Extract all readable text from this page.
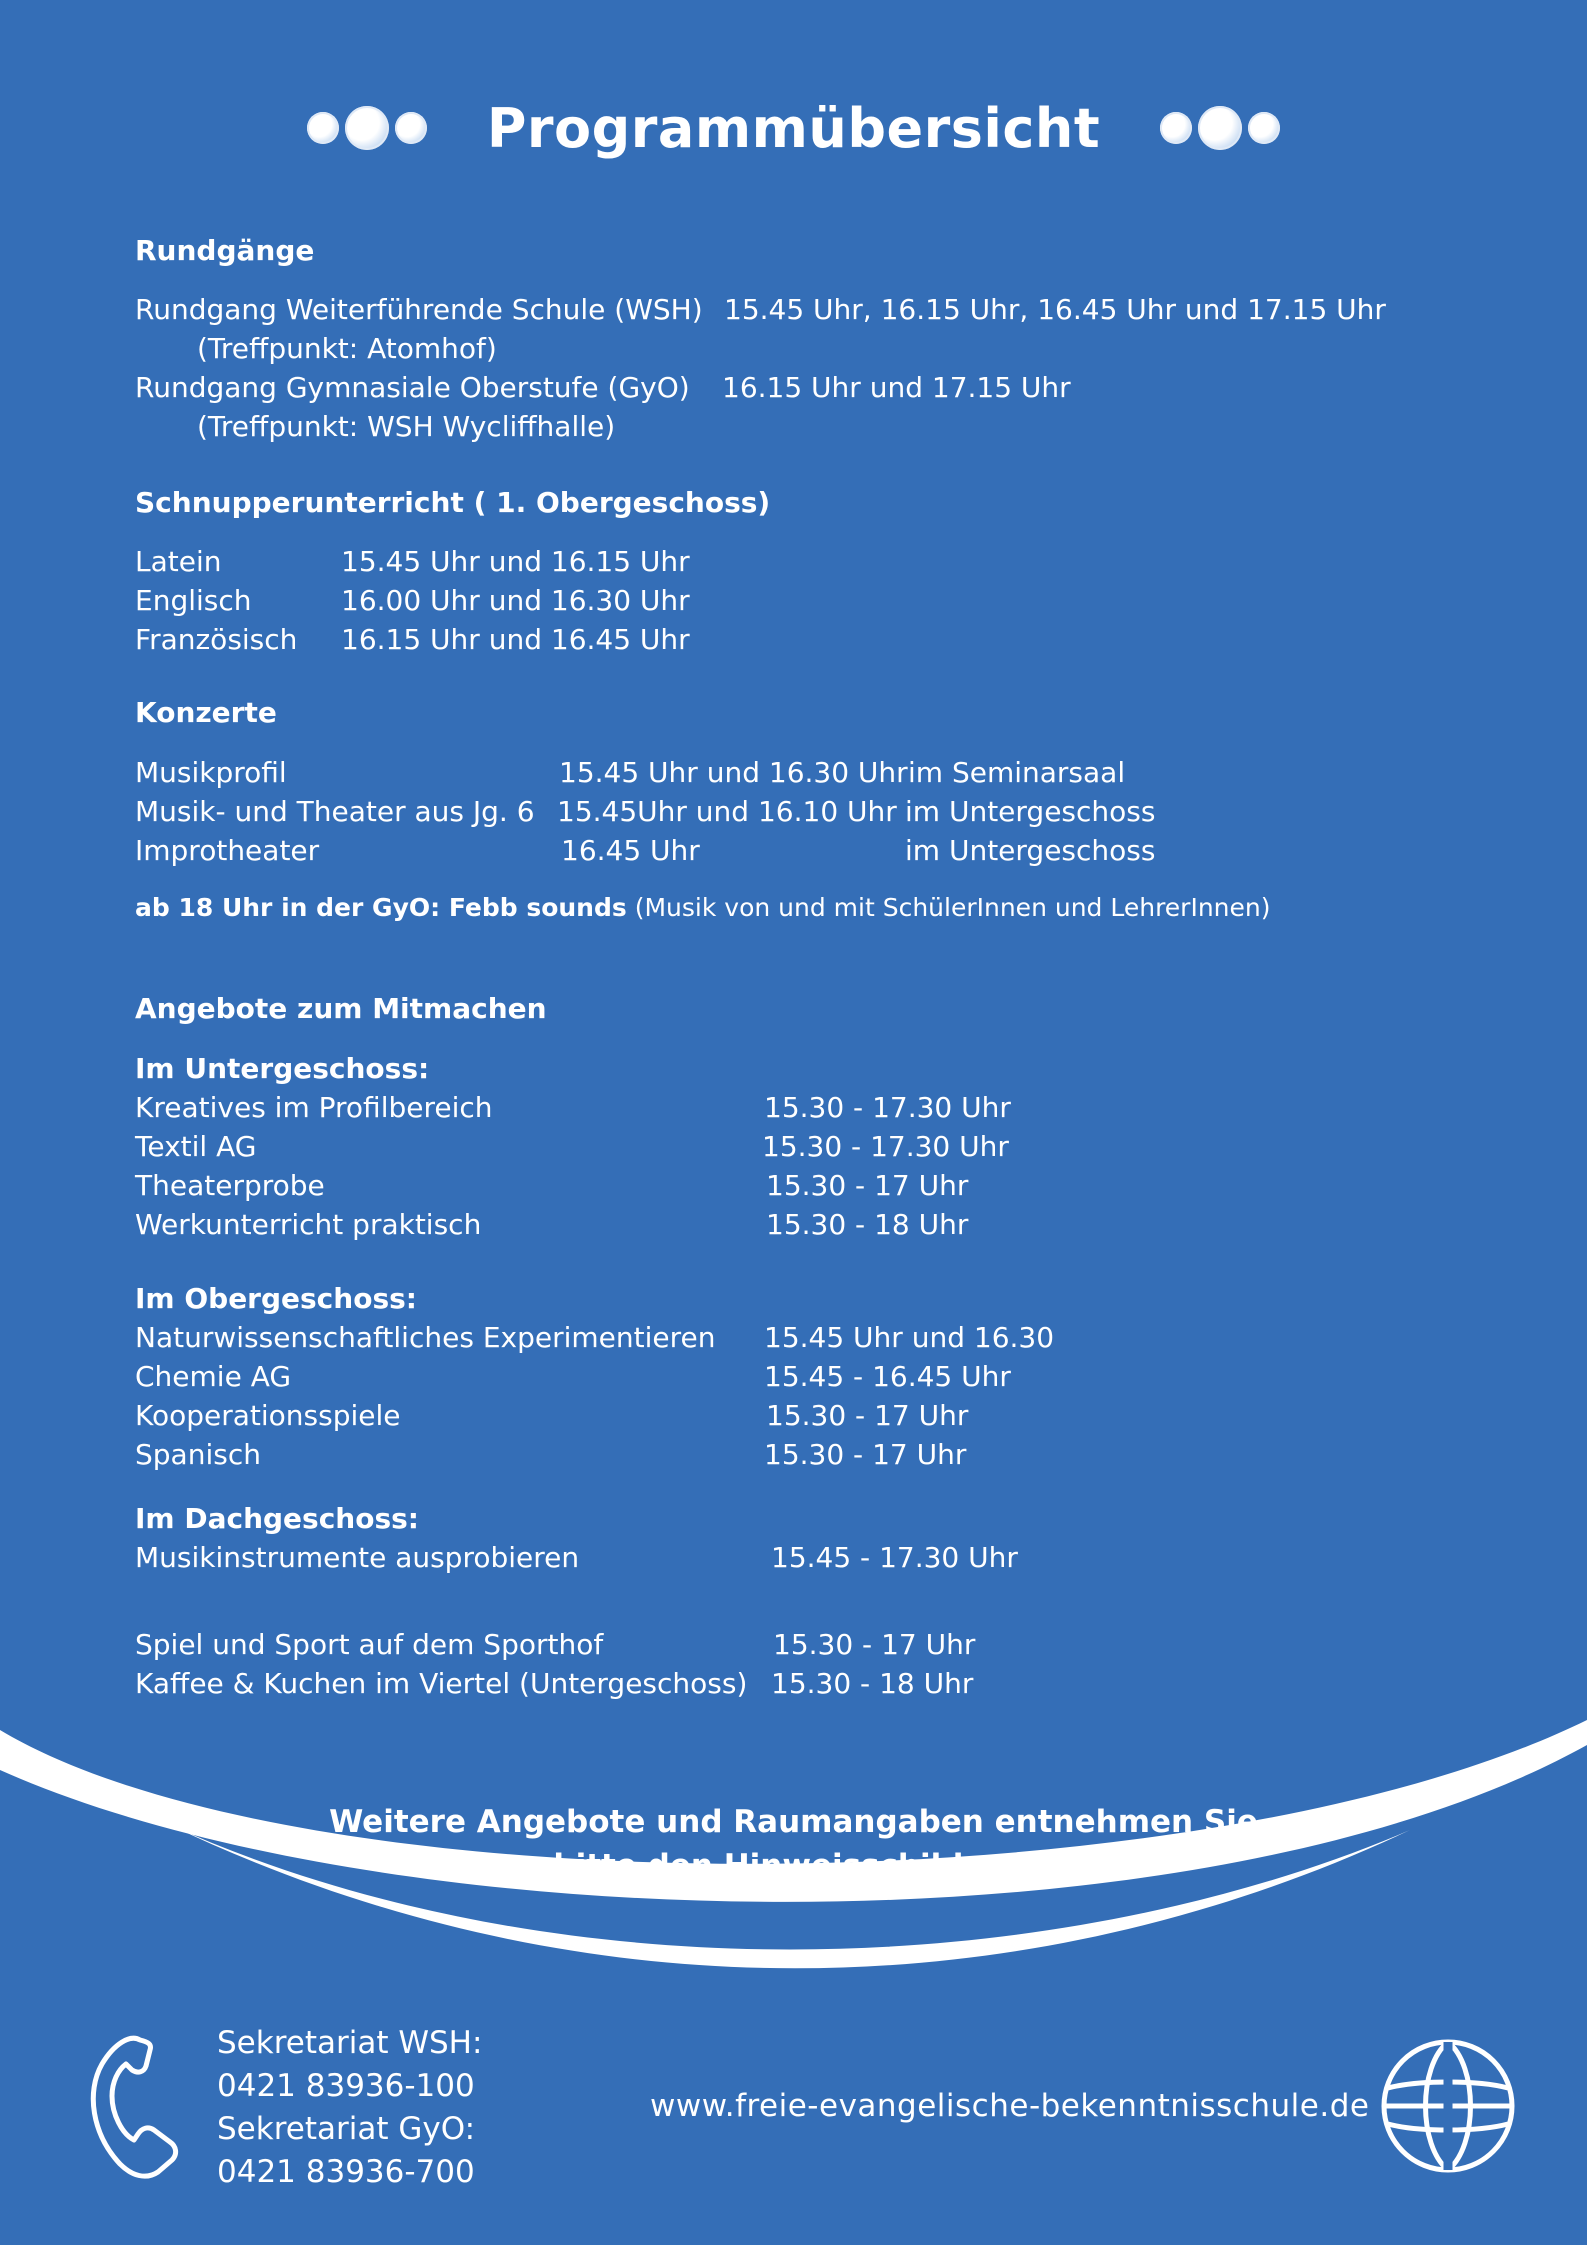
Programmübersicht
Rundgänge
Rundgang Weiterführende Schule (WSH) 15.45 Uhr, 16.15 Uhr, 16.45 Uhr und 17.15 Uhr
(Treffpunkt: Atomhof)
Rundgang Gymnasiale Oberstufe (GyO) 16.15 Uhr und 17.15 Uhr
(Treffpunkt: WSH Wycliffhalle)
Schnupperunterricht ( 1. Obergeschoss)
Latein	15.45 Uhr und 16.15 Uhr
Englisch	16.00 Uhr und 16.30 Uhr
Französisch 16.15 Uhr und 16.45 Uhr
Konzerte
Musikprofil	15.45 Uhr und 16.30 Uhr im Seminarsaal
Musik- und Theater aus Jg. 6 15.45Uhr und 16.10 Uhr im Untergeschoss
Improtheater	16.45 Uhr	im Untergeschoss
ab 18 Uhr in der GyO: Febb sounds (Musik von und mit SchülerInnen und LehrerInnen)
Angebote zum Mitmachen
Im Untergeschoss:
Kreatives im Profilbereich	15.30 - 17.30 Uhr
Textil AG	15.30 - 17.30 Uhr
Theaterprobe	15.30 - 17 Uhr
Werkunterricht praktisch	15.30 - 18 Uhr
Im Obergeschoss:
Naturwissenschaftliches Experimentieren 15.45 Uhr und 16.30
Chemie AG	15.45 - 16.45 Uhr
Kooperationsspiele	15.30 - 17 Uhr
Spanisch	15.30 - 17 Uhr
Im Dachgeschoss:
Musikinstrumente ausprobieren	15.45 - 17.30 Uhr
Spiel und Sport auf dem Sporthof	15.30 - 17 Uhr
Kaffee & Kuchen im Viertel (Untergeschoss) 15.30 - 18 Uhr
Weitere Angebote und Raumangaben entnehmen Sie
bitte den Hinweisschildern.
Sekretariat WSH:
0421 83936-100
Sekretariat GyO:
0421 83936-700
www.freie-evangelische-bekenntnisschule.de
